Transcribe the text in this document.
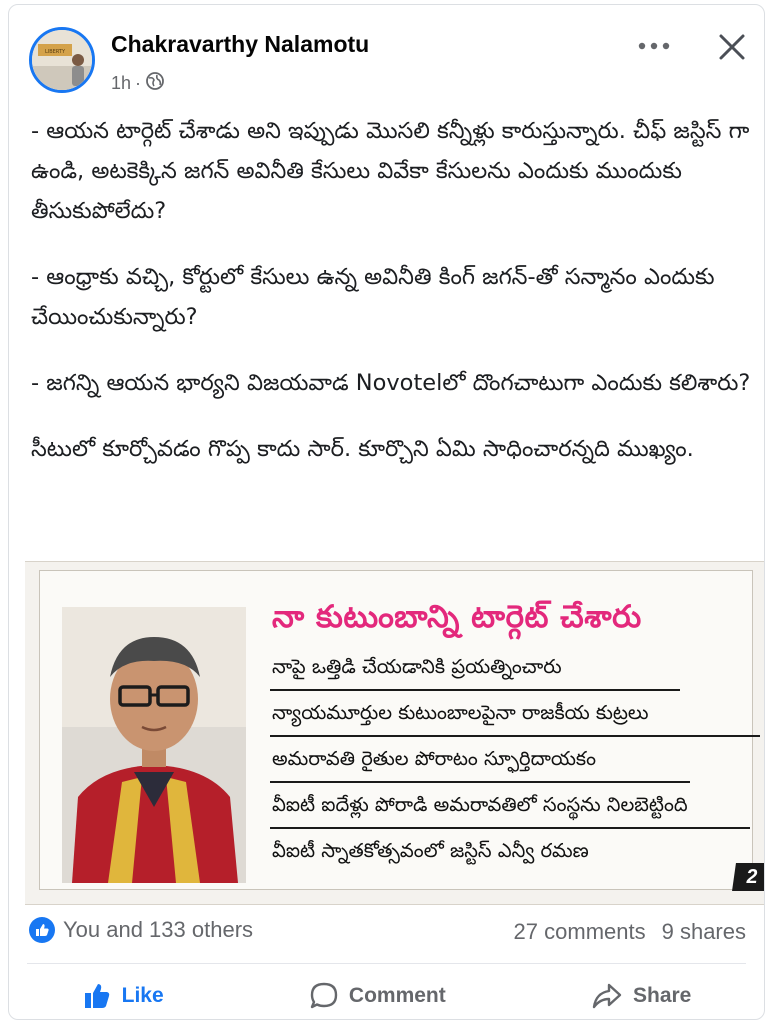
LIBERTY Chakravarthy Nalamotu
1h ·

- ఆయన టార్గెట్ చేశాడు అని ఇప్పుడు మొసలి కన్నీళ్లు కారుస్తున్నారు. చీఫ్ జస్టిస్ గా ఉండి, అటకెక్కిన జగన్ అవినీతి కేసులు వివేకా కేసులను ఎందుకు ముందుకు తీసుకుపోలేదు?

- ఆంధ్రాకు వచ్చి, కోర్టులో కేసులు ఉన్న అవినీతి కింగ్ జగన్-తో సన్మానం ఎందుకు చేయించుకున్నారు?

- జగన్ని ఆయన భార్యని విజయవాడ Novotelలో దొంగచాటుగా ఎందుకు కలిశారు?

సీటులో కూర్చోవడం గొప్ప కాదు సార్. కూర్చొని ఏమి సాధించారన్నది ముఖ్యం.

నా కుటుంబాన్ని టార్గెట్ చేశారు
నాపై ఒత్తిడి చేయడానికి ప్రయత్నించారు
న్యాయమూర్తుల కుటుంబాలపైనా రాజకీయ కుట్రలు
అమరావతి రైతుల పోరాటం స్ఫూర్తిదాయకం
వీఐటీ ఐదేళ్లు పోరాడి అమరావతిలో సంస్థను నిలబెట్టింది
వీఐటీ స్నాతకోత్సవంలో జస్టిస్ ఎన్వీ రమణ
2
You and 133 others	27 comments 9 shares
Like	Comment	Share
